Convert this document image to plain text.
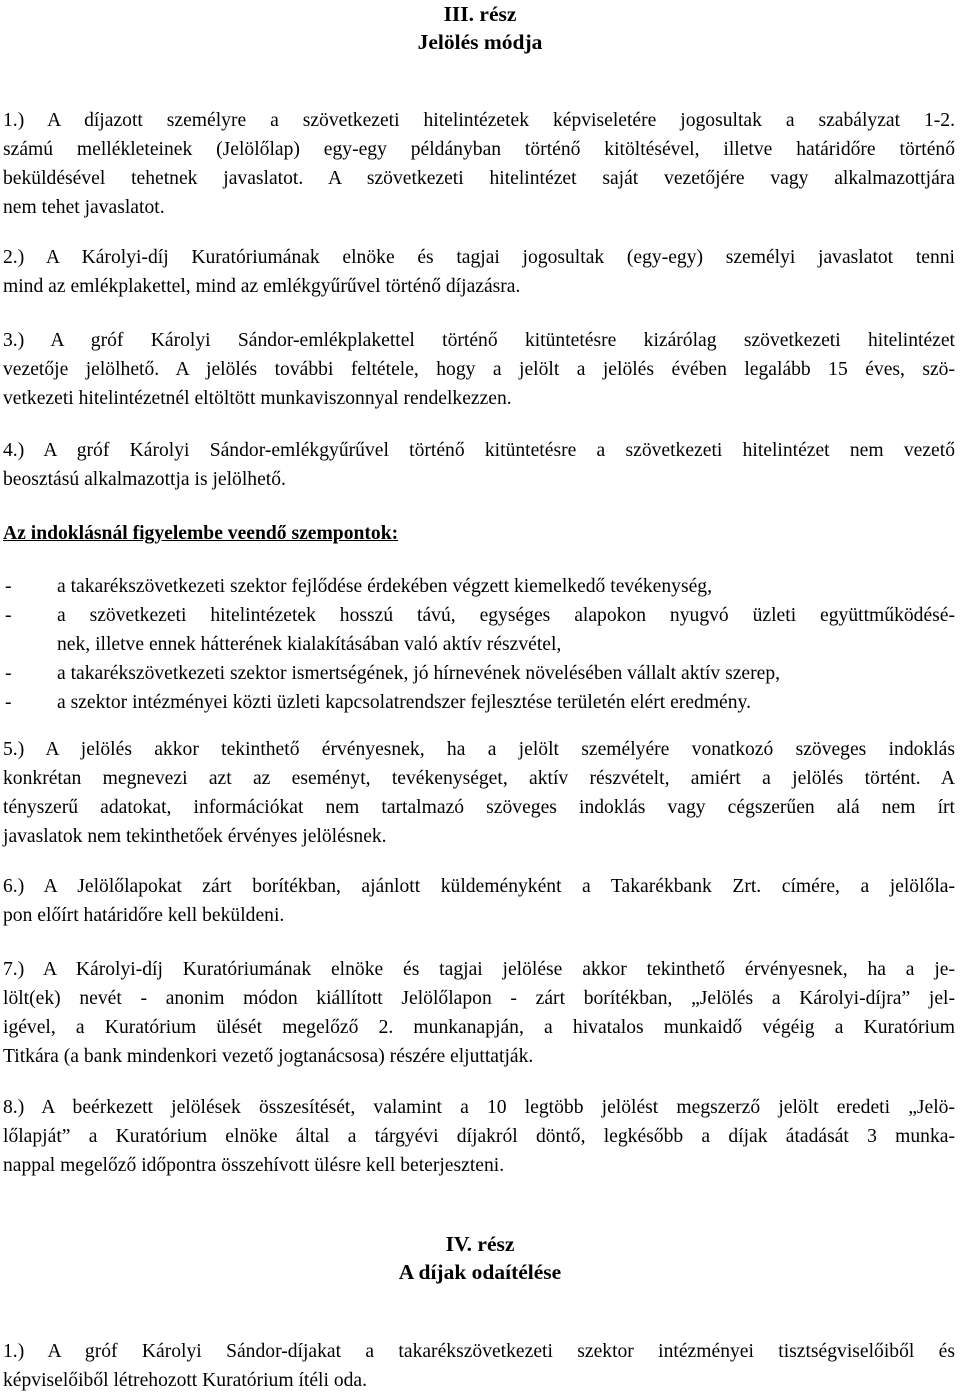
III. rész
Jelölés módja
1.) A díjazott személyre a szövetkezeti hitelintézetek képviseletére jogosultak a szabályzat 1-2.
számú mellékleteinek (Jelölőlap) egy-egy példányban történő kitöltésével, illetve határidőre történő
beküldésével tehetnek javaslatot. A szövetkezeti hitelintézet saját vezetőjére vagy alkalmazottjára
nem tehet javaslatot.
2.) A Károlyi-díj Kuratóriumának elnöke és tagjai jogosultak (egy-egy) személyi javaslatot tenni
mind az emlékplakettel, mind az emlékgyűrűvel történő díjazásra.
3.) A gróf Károlyi Sándor-emlékplakettel történő kitüntetésre kizárólag szövetkezeti hitelintézet
vezetője jelölhető. A jelölés további feltétele, hogy a jelölt a jelölés évében legalább 15 éves, szö-
vetkezeti hitelintézetnél eltöltött munkaviszonnyal rendelkezzen.
4.) A gróf Károlyi Sándor-emlékgyűrűvel történő kitüntetésre a szövetkezeti hitelintézet nem vezető
beosztású alkalmazottja is jelölhető.
Az indoklásnál figyelembe veendő szempontok:
- a takarékszövetkezeti szektor fejlődése érdekében végzett kiemelkedő tevékenység,
- a szövetkezeti hitelintézetek hosszú távú, egységes alapokon nyugvó üzleti együttműködésé-
nek, illetve ennek hátterének kialakításában való aktív részvétel,
- a takarékszövetkezeti szektor ismertségének, jó hírnevének növelésében vállalt aktív szerep,
- a szektor intézményei közti üzleti kapcsolatrendszer fejlesztése területén elért eredmény.
5.) A jelölés akkor tekinthető érvényesnek, ha a jelölt személyére vonatkozó szöveges indoklás
konkrétan megnevezi azt az eseményt, tevékenységet, aktív részvételt, amiért a jelölés történt. A
tényszerű adatokat, információkat nem tartalmazó szöveges indoklás vagy cégszerűen alá nem írt
javaslatok nem tekinthetőek érvényes jelölésnek.
6.) A Jelölőlapokat zárt borítékban, ajánlott küldeményként a Takarékbank Zrt. címére, a jelölőla-
pon előírt határidőre kell beküldeni.
7.) A Károlyi-díj Kuratóriumának elnöke és tagjai jelölése akkor tekinthető érvényesnek, ha a je-
lölt(ek) nevét - anonim módon kiállított Jelölőlapon - zárt borítékban, „Jelölés a Károlyi-díjra” jel-
igével, a Kuratórium ülését megelőző 2. munkanapján, a hivatalos munkaidő végéig a Kuratórium
Titkára (a bank mindenkori vezető jogtanácsosa) részére eljuttatják.
8.) A beérkezett jelölések összesítését, valamint a 10 legtöbb jelölést megszerző jelölt eredeti „Jelö-
lőlapját” a Kuratórium elnöke által a tárgyévi díjakról döntő, legkésőbb a díjak átadását 3 munka-
nappal megelőző időpontra összehívott ülésre kell beterjeszteni.
IV. rész
A díjak odaítélése
1.) A gróf Károlyi Sándor-díjakat a takarékszövetkezeti szektor intézményei tisztségviselőiből és
képviselőiből létrehozott Kuratórium ítéli oda.
